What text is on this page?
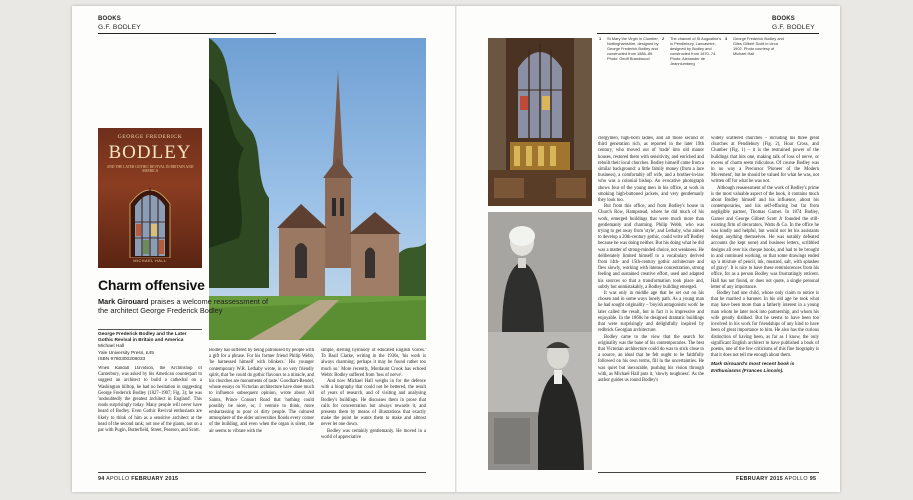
BOOKS
G.F. BODLEY
GEORGE FREDERICK
BODLEY
AND THE LATER GOTHIC REVIVAL IN BRITAIN AND AMERICA
MICHAEL HALL
Charm offensive
Mark Girouard praises a welcome reassessment of the architect George Frederick Bodley
George Frederick Bodley and the Later Gothic Revival in Britain and America
Michael Hall
Yale University Press, £45
ISBN 9780300208033

When Randall Davidson, the Archbishop of Canterbury, was asked by his American counterpart to suggest an architect to build a cathedral on a Washington hilltop, he had no hesitation in suggesting George Frederick Bodley (1827–1907; Fig. 3); he was 'undoubtedly the greatest architect in England'. This reads surprisingly today. Many people will never have heard of Bodley. Even Gothic Revival enthusiasts are likely to think of him as a sensitive architect at the head of the second rank; not one of the giants, not on a par with Pugin, Butterfield, Street, Pearson, and Scott.

Bodley has suffered by being patronised by people with a gift for a phrase. For his former friend Philip Webb, 'he harnessed himself with blinkers.' His younger contemporary W.R. Lethaby wrote, in no very friendly spirit, that 'he could do gothic flavours to a miracle, and his churches are monuments of taste.' Goodhart-Rendel, whose essays on Victorian architecture have done much to influence subsequent opinion, wrote about All Saints, Prince Consort Road that 'nothing could possibly be nicer, or, I venture to think, more embarrassing to poor or dirty people. The cultured atmosphere of the older universities floods every corner of the building, and even when the organ is silent, the air seems to vibrate with the

simple, sterling hymnody of educated English voices.' To Basil Clarke, writing in the 1930s, 'his work is always charming; perhaps it may be found rather too much so.' More recently, Mordaunt Crook has echoed Webb: Bodley suffered from 'loss of nerve'.

And now Michael Hall weighs in for the defence with a biography that could not be bettered, the result of years of research, and of visiting and analysing Bodley's buildings. He discusses them in prose that calls for concentration but always rewards it, and presents them by means of illustrations that exactly make the point he wants them to make and almost never let one down.

Bodley was certainly gentlemanly. He moved in a world of appreciative

94 APOLLO FEBRUARY 2015
BOOKS
G.F. BODLEY
1 St Mary the Virgin in Clumber, Nottinghamshire, designed by George Frederick Bodley and constructed from 1886–89. Photo: Geoff Brandwood
2 The chancel of St Augustine's in Pendlebury, Lancashire, designed by Bodley and constructed from 1870–74. Photo: Alexander de Jeannlumberg
3 George Frederick Bodley and Giles Gilbert Scott in circa 1902. Photo courtesy of Michael Hall

clergymen, high-born ladies, and all those second or third generation rich, as reported in the later 19th century, who moved out of 'trade' into old manor houses, restored them with sensitivity, and enriched and rebuilt their local churches. Bodley himself came from a similar background: a little family money (from a lace business), a comfortably off wife, and a brother-in-law who was a colonial bishop. An evocative photograph shows four of the young men in his office, at work in smoking high-buttoned jackets, and very gentlemanly they look too.

But from this office, and from Bodley's house in Church Row, Hampstead, where he did much of his work, emerged buildings that were much more than gentlemanly and charming. Philip Webb, who was trying to get away from 'style', and Lethaby, who aimed to develop a 20th-century gothic, could write off Bodley because he was doing neither. But his doing what he did was a matter of strong-minded choice, not weakness. He deliberately limited himself to a vocabulary derived from 14th- and 15th-century gothic architecture and flew slowly, working with intense concentration, strong feeling and sustained creative effort, used and adapted his sources so that a transformation took place and, subtly but unmistakably, a Bodley building emerged.

It was only in middle age that he set out on his chosen and in some ways lonely path. As a young man he had sought originality – 'boyish antagonistic work' he later called the result, but in fact it is impressive and enjoyable. In the 1860s he designed dramatic buildings that were surprisingly and delightfully inspired by redbrick Georgian architecture.

Bodley came to the view that the search for originality was the bane of his contemporaries. The best that Victorian architecture could do was to stick close to a source, an ideal that he felt ought to be faithfully followed on his own terms, fill in the uncertainties. He was quiet but inexorable, pushing his vision through with, as Michael Hall puts it, 'slowly toughness'. As the author guides us round Bodley's

widely scattered churches – including his three great churches at Pendlebury (Fig. 2), Hoar Cross, and Clumber (Fig. 1) – it is the restrained power of the buildings that hits one, making talk of loss of nerve, or excess of charm seem ridiculous. Of course Bodley was in no way a Precursor 'Pioneer of the Modern Movement', but he should be valued for what he was, not written off for what he was not.

Although reassessment of the work of Bodley's prime is the most valuable aspect of the book, it contains much about Bodley himself and his influence, about his contemporaries, and his self-effacing but far from negligible partner, Thomas Garner. In 1874 Bodley, Garner and George Gilbert Scott Jr founded the still-existing firm of decorators, Watts & Co. In the office he was kindly and helpful, but would not let his assistants design anything themselves. He was notably defeated accounts (he kept none) and business letters, scribbled designs all over his cheque books, and had to be brought in and continued working, so that some drawings ended up 'a mixture of pencil, ink, mustard, salt, with splashes of gravy'. It is nice to have these reminiscences from his office, for as a person Bodley was frustratingly reticent. Hall has not found, or does not quote, a single personal letter of any importance.

Bodley had one child, whose only claim to notice is that he married a baronet. In his old age he took what may have been more than a fatherly interest in a young man whom he later took into partnership, and whom his wife greatly disliked. But he seems to have been too involved in his work for friendships of any kind to have been of great importance to him. He also has the curious distinction of having been, as far as I know, the only significant English architect to have published a book of poems, one of the few criticisms of this fine biography is that it does not tell me enough about them.

Mark Girouard's most recent book is Enthusiasms (Frances Lincoln).
FEBRUARY 2015 APOLLO 95
